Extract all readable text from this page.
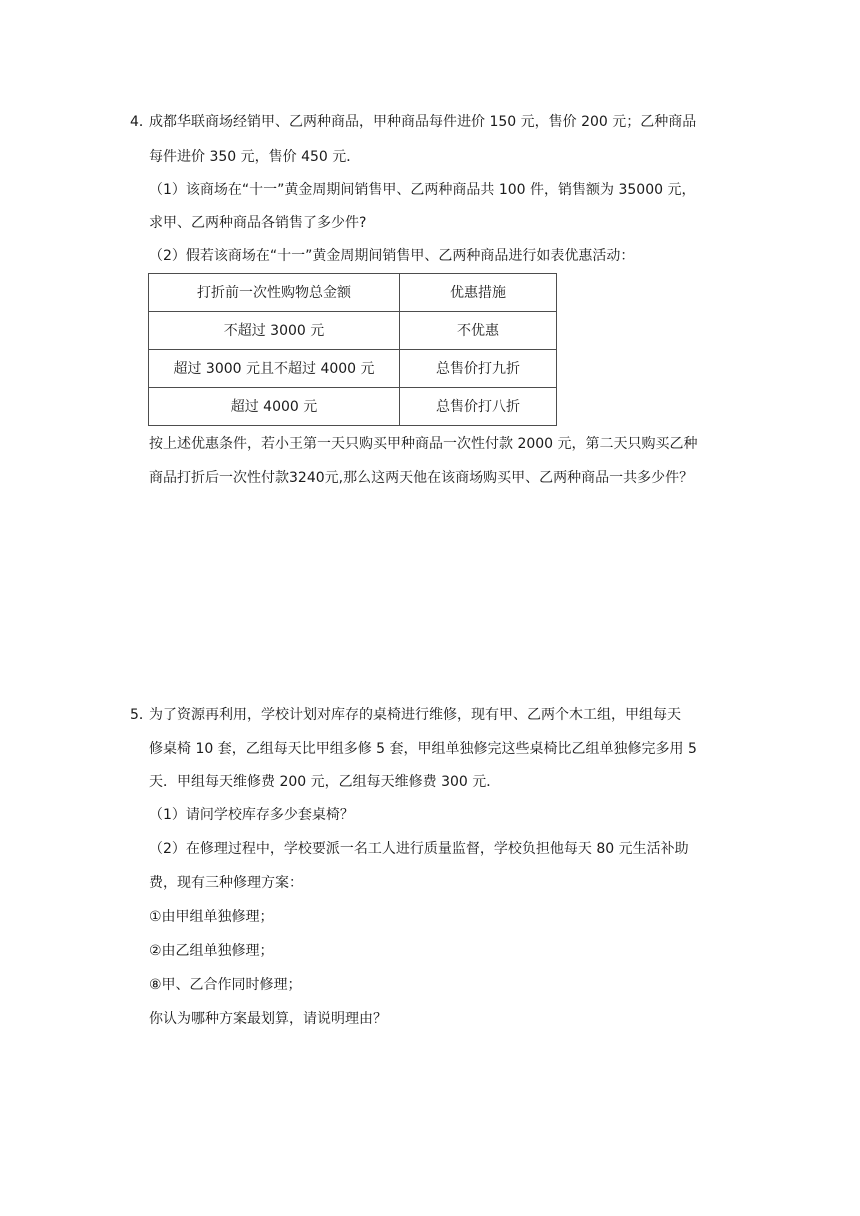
4．
成都华联商场经销甲、乙两种商品，甲种商品每件进价 150 元，售价 200 元；乙种商品
每件进价 350 元，售价 450 元．
（1）该商场在“十一”黄金周期间销售甲、乙两种商品共 100 件，销售额为 35000 元，
求甲、乙两种商品各销售了多少件?
（2）假若该商场在“十一”黄金周期间销售甲、乙两种商品进行如表优惠活动：
打折前一次性购物总金额	优惠措施
不超过 3000 元	不优惠
超过 3000 元且不超过 4000 元	总售价打九折
超过 4000 元	总售价打八折
按上述优惠条件，若小王第一天只购买甲种商品一次性付款 2000 元，第二天只购买乙种
商品打折后一次性付款3240元,那么这两天他在该商场购买甲、乙两种商品一共多少件？
5．
为了资源再利用，学校计划对库存的桌椅进行维修，现有甲、乙两个木工组，甲组每天
修桌椅 10 套，乙组每天比甲组多修 5 套，甲组单独修完这些桌椅比乙组单独修完多用 5
天．甲组每天维修费 200 元，乙组每天维修费 300 元．
（1）请问学校库存多少套桌椅？
（2）在修理过程中，学校要派一名工人进行质量监督，学校负担他每天 80 元生活补助
费，现有三种修理方案：
①由甲组单独修理；
②由乙组单独修理；
⑧甲、乙合作同时修理；
你认为哪种方案最划算，请说明理由？
